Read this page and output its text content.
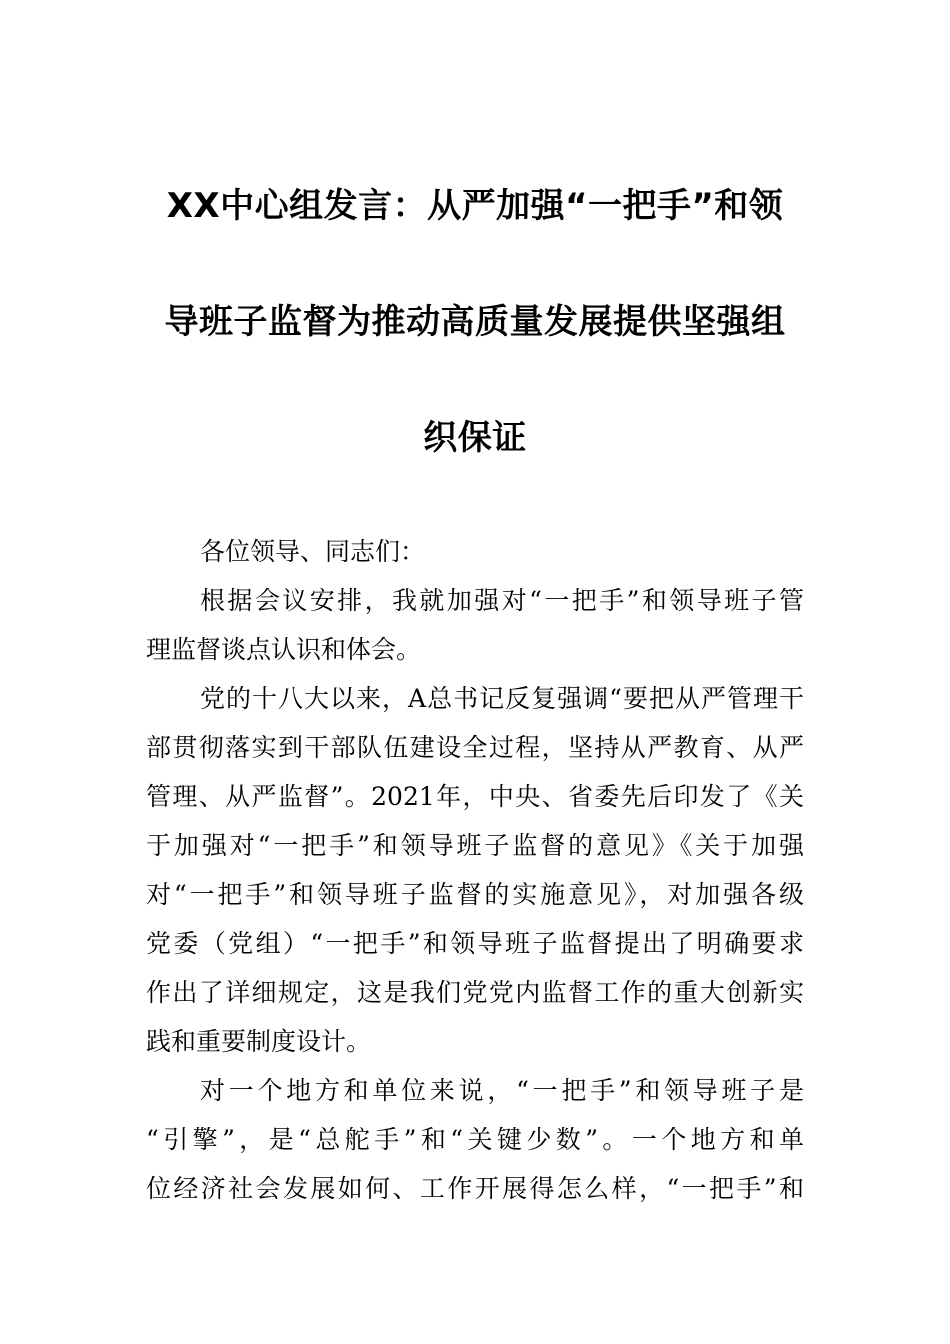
XX中心组发言：从严加强“一把手”和领
导班子监督为推动高质量发展提供坚强组
织保证
各位领导、同志们：
根据会议安排，我就加强对“一把手”和领导班子管
理监督谈点认识和体会。
党的十八大以来，A总书记反复强调“要把从严管理干
部贯彻落实到干部队伍建设全过程，坚持从严教育、从严
管理、从严监督”。2021年，中央、省委先后印发了《关
于加强对“一把手”和领导班子监督的意见》《关于加强
对“一把手”和领导班子监督的实施意见》，对加强各级
党委（党组）“一把手”和领导班子监督提出了明确要求
作出了详细规定，这是我们党党内监督工作的重大创新实
践和重要制度设计。
对一个地方和单位来说，“一把手”和领导班子是
“引擎”，是“总舵手”和“关键少数”。一个地方和单
位经济社会发展如何、工作开展得怎么样，“一把手”和
